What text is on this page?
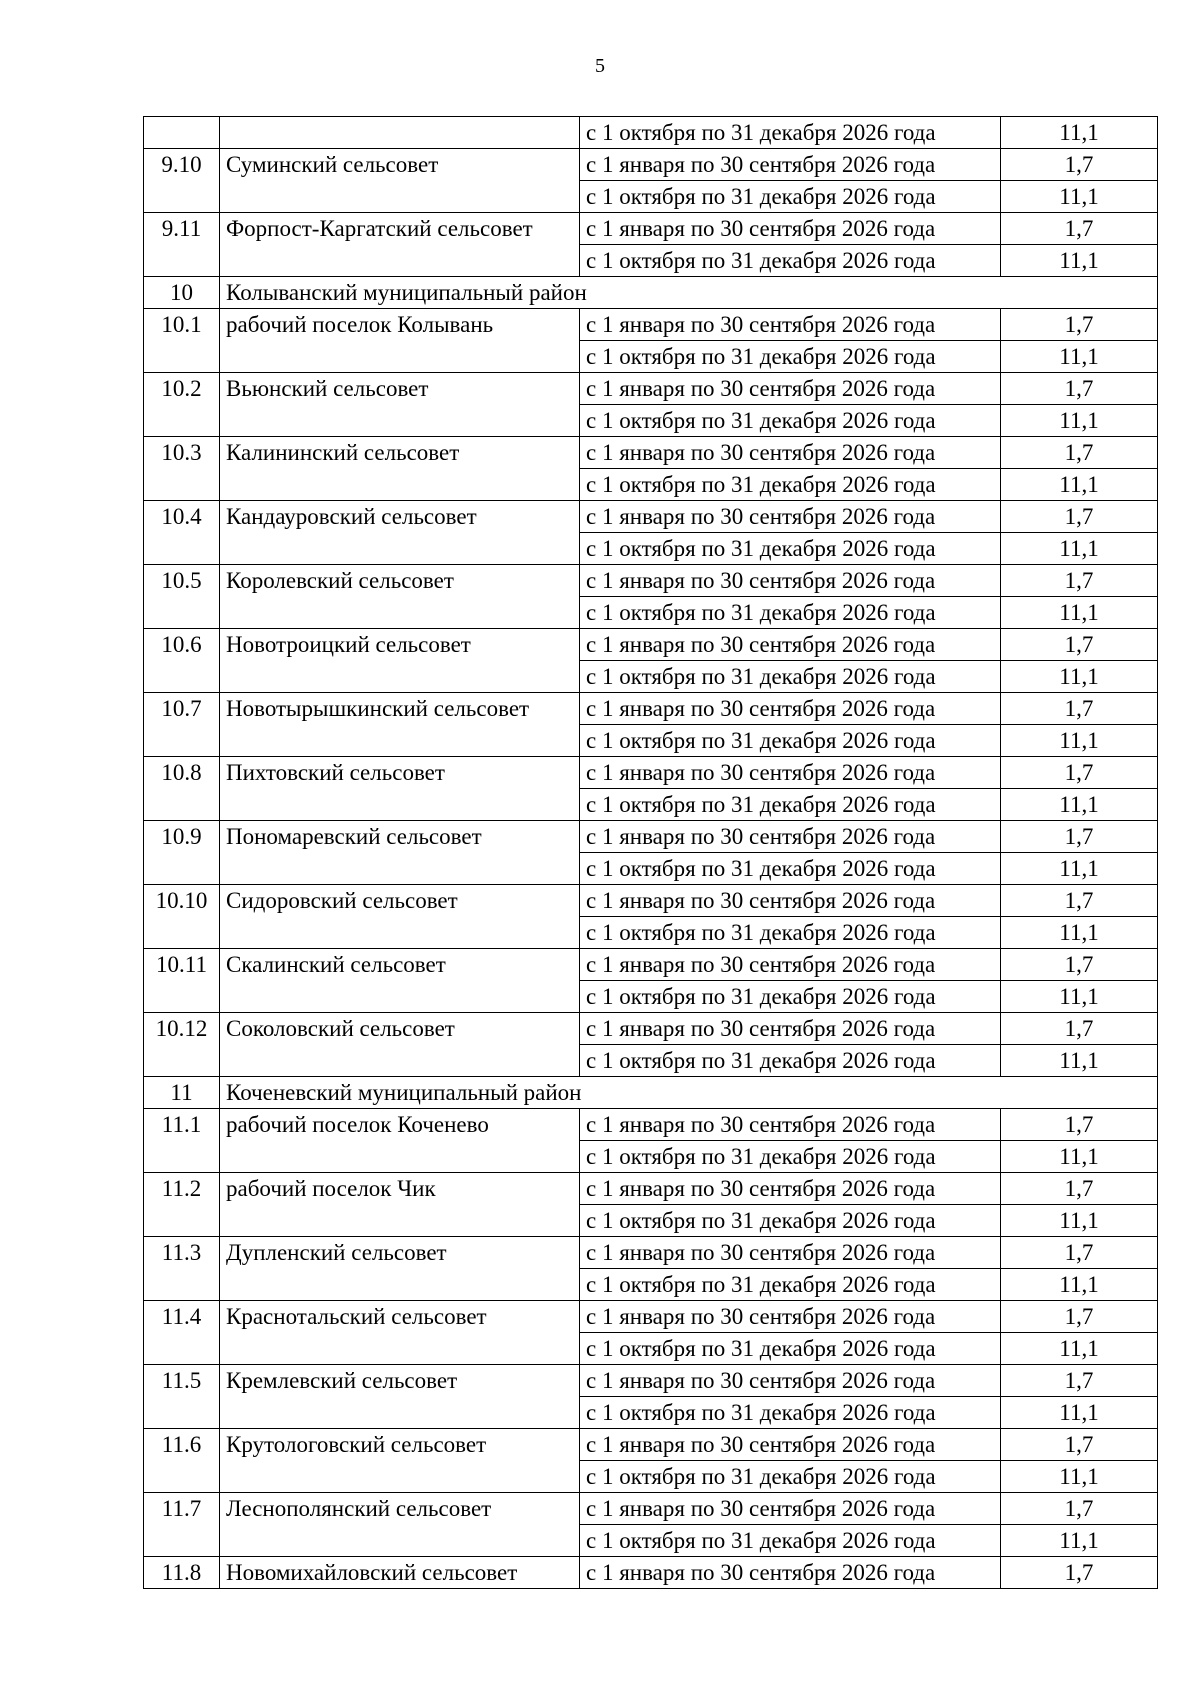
5
		с 1 октября по 31 декабря 2026 года	11,1
9.10	Суминский сельсовет	с 1 января по 30 сентября 2026 года	1,7
		с 1 октября по 31 декабря 2026 года	11,1
9.11	Форпост-Каргатский сельсовет	с 1 января по 30 сентября 2026 года	1,7
		с 1 октября по 31 декабря 2026 года	11,1
10	Колыванский муниципальный район		
10.1	рабочий поселок Колывань	с 1 января по 30 сентября 2026 года	1,7
		с 1 октября по 31 декабря 2026 года	11,1
10.2	Вьюнский сельсовет	с 1 января по 30 сентября 2026 года	1,7
		с 1 октября по 31 декабря 2026 года	11,1
10.3	Калининский сельсовет	с 1 января по 30 сентября 2026 года	1,7
		с 1 октября по 31 декабря 2026 года	11,1
10.4	Кандауровский сельсовет	с 1 января по 30 сентября 2026 года	1,7
		с 1 октября по 31 декабря 2026 года	11,1
10.5	Королевский сельсовет	с 1 января по 30 сентября 2026 года	1,7
		с 1 октября по 31 декабря 2026 года	11,1
10.6	Новотроицкий сельсовет	с 1 января по 30 сентября 2026 года	1,7
		с 1 октября по 31 декабря 2026 года	11,1
10.7	Новотырышкинский сельсовет	с 1 января по 30 сентября 2026 года	1,7
		с 1 октября по 31 декабря 2026 года	11,1
10.8	Пихтовский сельсовет	с 1 января по 30 сентября 2026 года	1,7
		с 1 октября по 31 декабря 2026 года	11,1
10.9	Пономаревский сельсовет	с 1 января по 30 сентября 2026 года	1,7
		с 1 октября по 31 декабря 2026 года	11,1
10.10	Сидоровский сельсовет	с 1 января по 30 сентября 2026 года	1,7
		с 1 октября по 31 декабря 2026 года	11,1
10.11	Скалинский сельсовет	с 1 января по 30 сентября 2026 года	1,7
		с 1 октября по 31 декабря 2026 года	11,1
10.12	Соколовский сельсовет	с 1 января по 30 сентября 2026 года	1,7
		с 1 октября по 31 декабря 2026 года	11,1
11	Коченевский муниципальный район		
11.1	рабочий поселок Коченево	с 1 января по 30 сентября 2026 года	1,7
		с 1 октября по 31 декабря 2026 года	11,1
11.2	рабочий поселок Чик	с 1 января по 30 сентября 2026 года	1,7
		с 1 октября по 31 декабря 2026 года	11,1
11.3	Дупленский сельсовет	с 1 января по 30 сентября 2026 года	1,7
		с 1 октября по 31 декабря 2026 года	11,1
11.4	Краснотальский сельсовет	с 1 января по 30 сентября 2026 года	1,7
		с 1 октября по 31 декабря 2026 года	11,1
11.5	Кремлевский сельсовет	с 1 января по 30 сентября 2026 года	1,7
		с 1 октября по 31 декабря 2026 года	11,1
11.6	Крутологовский сельсовет	с 1 января по 30 сентября 2026 года	1,7
		с 1 октября по 31 декабря 2026 года	11,1
11.7	Леснополянский сельсовет	с 1 января по 30 сентября 2026 года	1,7
		с 1 октября по 31 декабря 2026 года	11,1
11.8	Новомихайловский сельсовет	с 1 января по 30 сентября 2026 года	1,7
